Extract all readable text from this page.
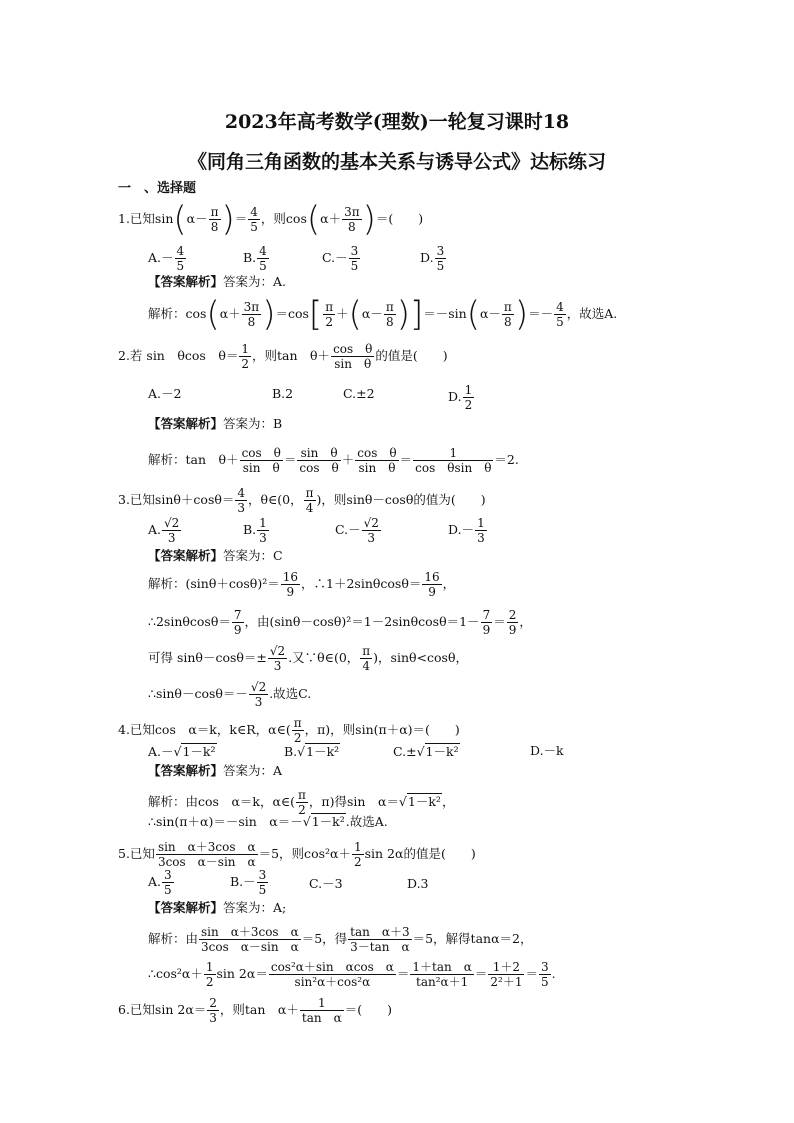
2023年高考数学(理数)一轮复习课时18
《同角三角函数的基本关系与诱导公式》达标练习
一　、选择题
1.已知$\sin(\alpha- \frac{\pi}{8}$ )＝ $\frac{4}{5}$ ，则$\cos(\alpha+ \frac{3\pi}{8}$ )＝(　　)
$A.- \frac{4}{5}$	B. $\frac{4}{5}$	$C.- \frac{3}{5}$	D. $\frac{3}{5}$
【答案解析】答案为：A.
解析：$\cos(\alpha+ \frac{3\pi}{8} )=\cos[ \frac{\pi}{2} +(\alpha- \frac{\pi}{8} )]=-\sin(\alpha- \frac{\pi}{8}$ )＝－ $\frac{4}{5}$ ，故选A.
2.若 sin　θcos　$\theta= \frac{1}{2}$ ，则tan　$\theta+ \frac{\text{cos　θ}}{\text{sin　θ}}$ 的值是(　　)
A.－2	B.2	C.±2	D. $\frac{1}{2}$
【答案解析】答案为：B
解析：tan　$\theta+ \frac{\text{cos　θ}}{\text{sin　θ}} = \frac{\text{sin　θ}}{\text{cos　θ}} + \frac{\text{cos　θ}}{\text{sin　θ}} = \frac{1}{\text{cos　θsin　θ}} =2$.
3.已知$\sin\theta+\cos\theta= \frac{4}{3}$ ，θ∈(0， $\frac{\pi}{4}$ )，则sinθ－cosθ的值为(　　)
A. $\frac{√2}{3}$	B. $\frac{1}{3}$	$C.- \frac{√2}{3}$	$D.- \frac{1}{3}$
【答案解析】答案为：C
解析：$(\sin\theta+\cos\theta)^2= \frac{16}{9}$ ，∴1＋2sinθcosθ＝ $\frac{16}{9}$ ，
∴2sinθcosθ＝ $\frac{7}{9}$ ，由$(\sin\theta-\cos\theta)^2=1-2\sin\theta\cos\theta=1- \frac{7}{9} = \frac{2}{9}$ ，
可得 $\sin\theta-\cos\theta=\pm \frac{√2}{3}$ .又∵θ∈(0， $\frac{\pi}{4}$ )，sinθ<cosθ，
∴sinθ－cosθ＝－ $\frac{√2}{3}$ .故选C.
4.已知cos　α＝k，k∈R，α∈( $\frac{\pi}{2}$ ，π)，则sin(π＋α)＝(　　)
A.－√1－k²	B.√1－k²	C.±√1－k²	D.－k
【答案解析】答案为：A
解析：由cos　α＝k，α∈( $\frac{\pi}{2}$ ，π)得sin　α＝√1－k²，
∴sin(π＋α)＝－sin　α＝－√1－k².故选A.
5.已知 $\frac{\text{sin　α＋3cos　α}}{\text{3cos　α－sin　α}} =5$，则$\cos^2\alpha+ \frac{1}{2}$ sin 2α的值是(　　)
A. $\frac{3}{5}$	$B.- \frac{3}{5}$	C.－3	D.3
【答案解析】答案为：A;
解析：由 $\frac{\text{sin　α＋3cos　α}}{\text{3cos　α－sin　α}} =5$，得 $\frac{\text{tan　α＋3}}{\text{3－tan　α}} =5$，解得tanα＝2，
∴cos²α＋ $\frac{1}{2}$ $\sin 2\alpha= \frac{\text{cos²α＋sin　αcos　α}}{\text{sin²α＋cos²α}} = \frac{\text{1＋tan　α}}{\text{tan²α＋1}} = \frac{1+2}{\text{2²＋1}} = \frac{3}{5}$ .
6.已知$\sin 2\alpha= \frac{2}{3}$ ，则tan　$\alpha+ \frac{1}{\text{tan　α}}$ ＝(　　)
